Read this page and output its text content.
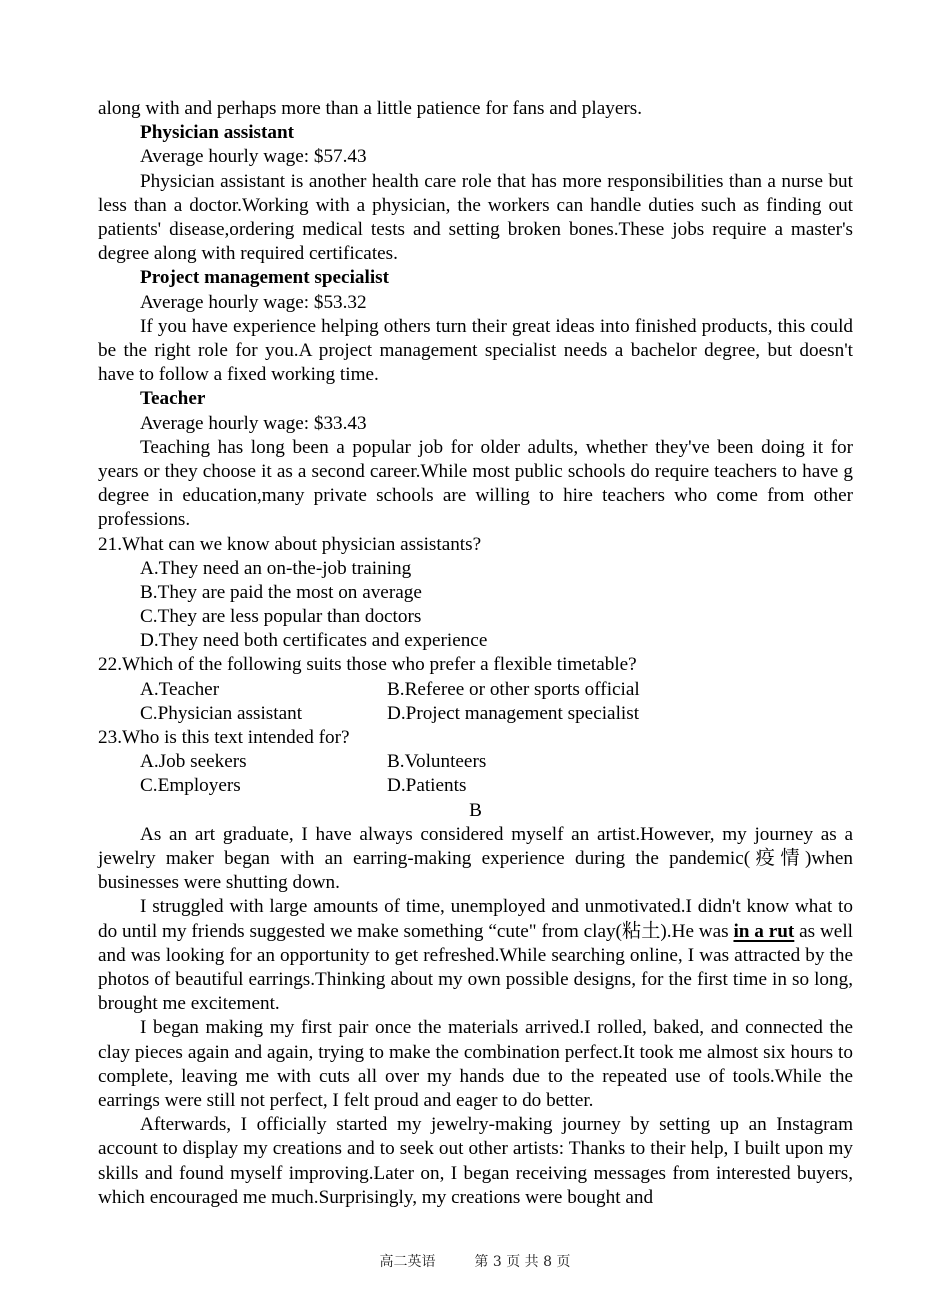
along with and perhaps more than a little patience for fans and players.
Physician assistant
Average hourly wage: $57.43

Physician assistant is another health care role that has more responsibilities than a nurse but less than a doctor.Working with a physician, the workers can handle duties such as finding out patients' disease,ordering medical tests and setting broken bones.These jobs require a master's degree along with required certificates.

Project management specialist
Average hourly wage: $53.32

If you have experience helping others turn their great ideas into finished products, this could be the right role for you.A project management specialist needs a bachelor degree, but doesn't have to follow a fixed working time.

Teacher
Average hourly wage: $33.43

Teaching has long been a popular job for older adults, whether they've been doing it for years or they choose it as a second career.While most public schools do require teachers to have g degree in education,many private schools are willing to hire teachers who come from other professions.

21.What can we know about physician assistants?
A.They need an on-the-job training
B.They are paid the most on average
C.They are less popular than doctors
D.They need both certificates and experience
22.Which of the following suits those who prefer a flexible timetable?
A.Teacher	B.Referee or other sports official
C.Physician assistant	D.Project management specialist
23.Who is this text intended for?
A.Job seekers	B.Volunteers
C.Employers	D.Patients
B

As an art graduate, I have always considered myself an artist.However, my journey as a jewelry maker began with an earring-making experience during the pandemic(疫情)when businesses were shutting down.

I struggled with large amounts of time, unemployed and unmotivated.I didn't know what to do until my friends suggested we make something “cute" from clay(粘土).He was in a rut as well and was looking for an opportunity to get refreshed.While searching online, I was attracted by the photos of beautiful earrings.Thinking about my own possible designs, for the first time in so long, brought me excitement.

I began making my first pair once the materials arrived.I rolled, baked, and connected the clay pieces again and again, trying to make the combination perfect.It took me almost six hours to complete, leaving me with cuts all over my hands due to the repeated use of tools.While the earrings were still not perfect, I felt proud and eager to do better.

Afterwards, I officially started my jewelry-making journey by setting up an Instagram account to display my creations and to seek out other artists: Thanks to their help, I built upon my skills and found myself improving.Later on, I began receiving messages from interested buyers, which encouraged me much.Surprisingly, my creations were bought and

高二英语	第 3 页 共 8 页
